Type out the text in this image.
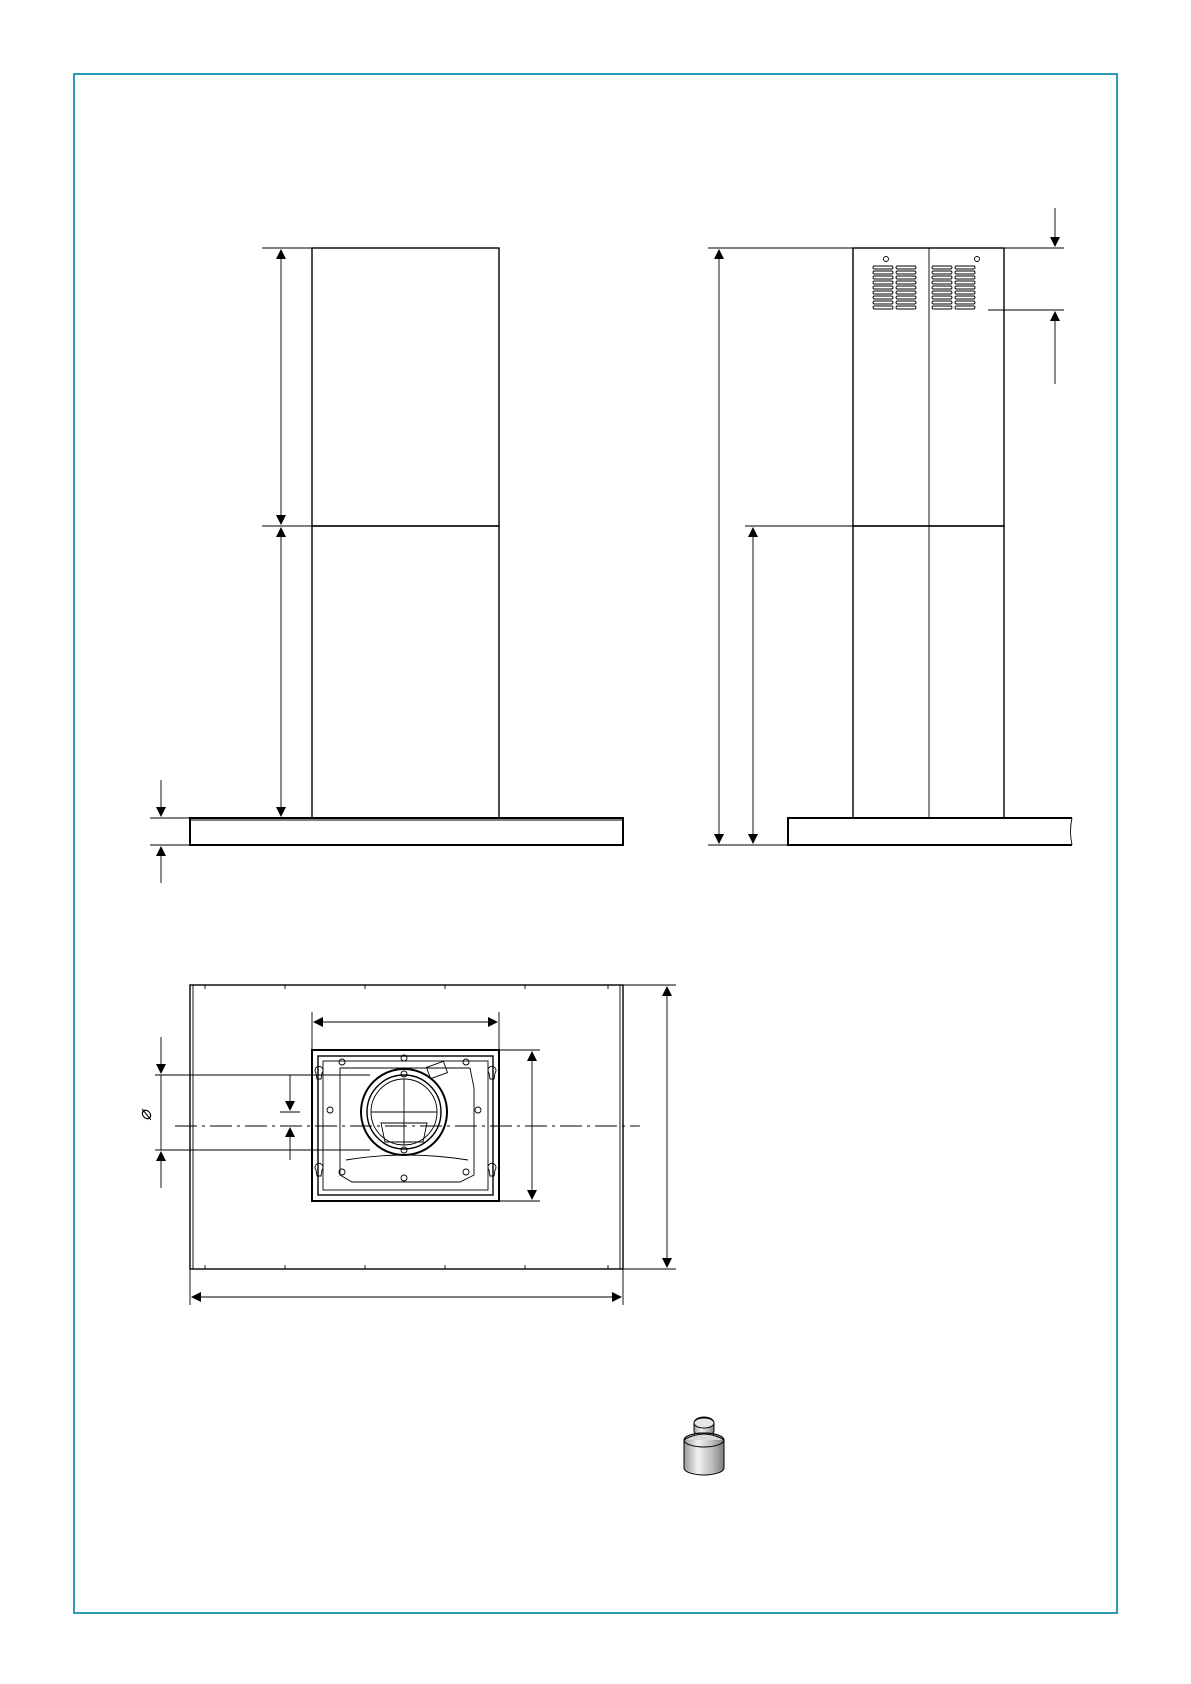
⌀
